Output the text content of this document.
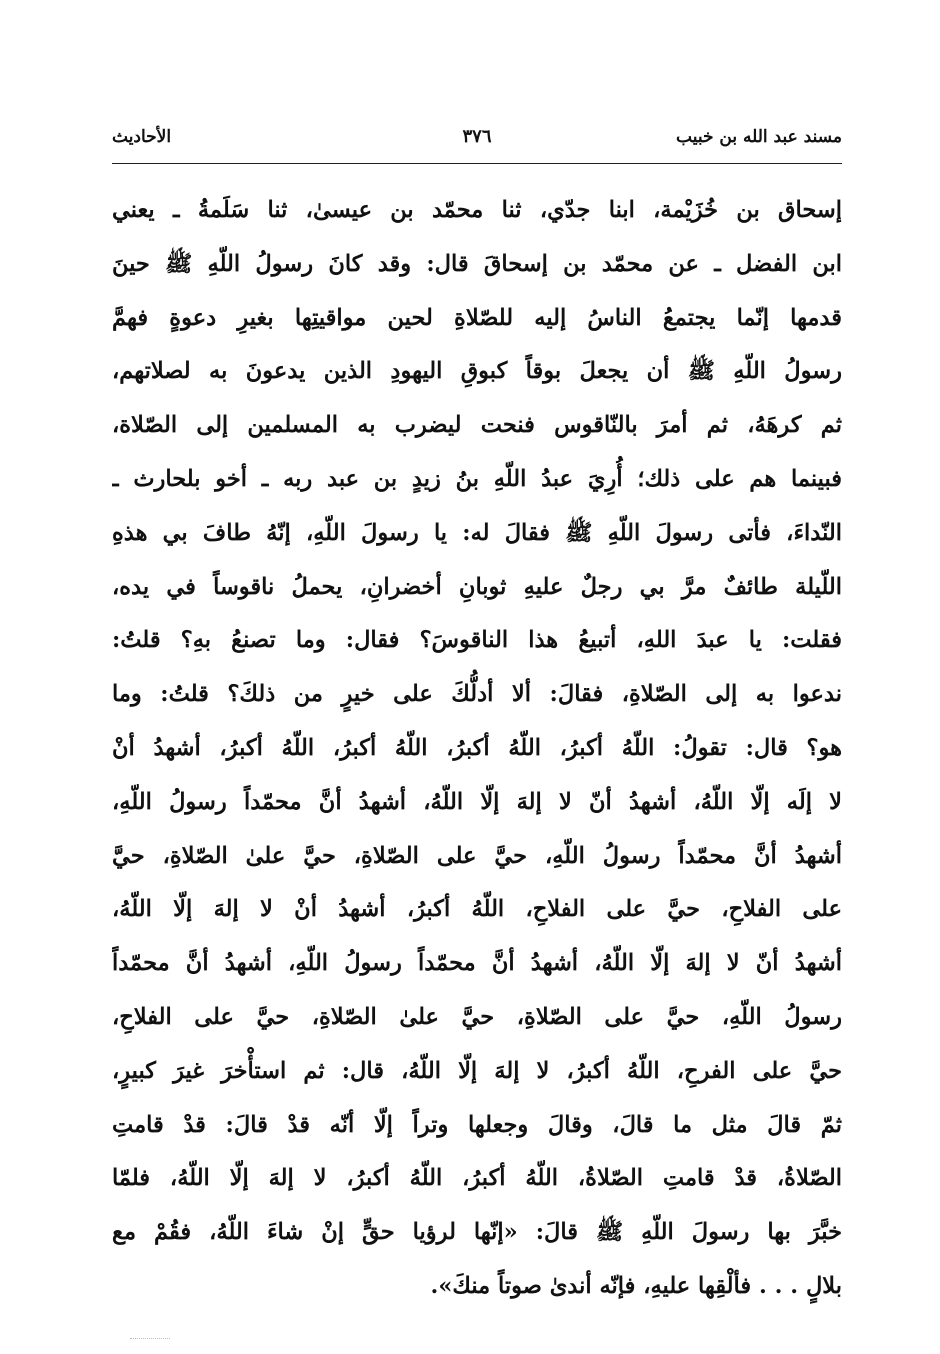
مسند عبد الله بن خبيب
٣٧٦
الأحاديث
إسحاق بن خُزَيْمة، ابنا جدّي، ثنا محمّد بن عيسىٰ، ثنا سَلَمةُ ـ يعني
ابن الفضل ـ عن محمّد بن إسحاقَ قال: وقد كانَ رسولُ اللّهِ ﷺ حينَ
قدمها إنّما يجتمعُ الناسُ إليه للصّلاةِ لحين مواقيتِها بغيرِ دعوةٍ فهمَّ
رسولُ اللّهِ ﷺ أن يجعلَ بوقاً كبوقِ اليهودِ الذين يدعونَ به لصلاتهم،
ثم كرهَهُ، ثم أمرَ بالنّاقوس فنحت ليضرب به المسلمين إلى الصّلاة،
فبينما هم على ذلك؛ أُرِيَ عبدُ اللّهِ بنُ زيدٍ بن عبد ربه ـ أخو بلحارث ـ
النّداءَ، فأتى رسولَ اللّهِ ﷺ فقالَ له: يا رسولَ اللّهِ، إنّهُ طافَ بي هذهِ
اللّيلة طائفٌ مرَّ بي رجلٌ عليهِ ثوبانِ أخضرانِ، يحملُ ناقوساً في يده،
فقلت: يا عبدَ اللهِ، أتبيعُ هذا الناقوسَ؟ فقال: وما تصنعُ بهِ؟ قلتُ:
ندعوا به إلى الصّلاةِ، فقالَ: ألا أدلُّكَ على خيرٍ من ذلكَ؟ قلتُ: وما
هو؟ قال: تقولُ: اللّهُ أكبرُ، اللّهُ أكبرُ، اللّهُ أكبرُ، اللّهُ أكبرُ، أشهدُ أنْ
لا إلَه إلّا اللّهُ، أشهدُ أنّ لا إلهَ إلّا اللّهُ، أشهدُ أنَّ محمّداً رسولُ اللّهِ،
أشهدُ أنَّ محمّداً رسولُ اللّهِ، حيَّ على الصّلاةِ، حيَّ علىٰ الصّلاةِ، حيَّ
على الفلاحِ، حيَّ على الفلاحِ، اللّهُ أكبرُ، أشهدُ أنْ لا إلهَ إلّا اللّهُ،
أشهدُ أنّ لا إلهَ إلّا اللّهُ، أشهدُ أنَّ محمّداً رسولُ اللّهِ، أشهدُ أنَّ محمّداً
رسولُ اللّهِ، حيَّ على الصّلاةِ، حيَّ علىٰ الصّلاةِ، حيَّ على الفلاحِ،
حيَّ على الفرحِ، اللّهُ أكبرُ، لا إلهَ إلّا اللّهُ، قال: ثم استأْخرَ غيرَ كبيرٍ،
ثمّ قالَ مثل ما قالَ، وقالَ وجعلها وتراً إلّا أنّه قدْ قالَ: قدْ قامتِ
الصّلاةُ، قدْ قامتِ الصّلاةُ، اللّهُ أكبرُ، اللّهُ أكبرُ، لا إلهَ إلّا اللّهُ، فلمّا
خبَّرَ بها رسولَ اللّهِ ﷺ قالَ: «إنّها لرؤيا حقٍّ إنْ شاءَ اللّهُ، فقُمْ مع
بلالٍ . . . فألْقِها عليهِ، فإنّه أندىٰ صوتاً منكَ».
